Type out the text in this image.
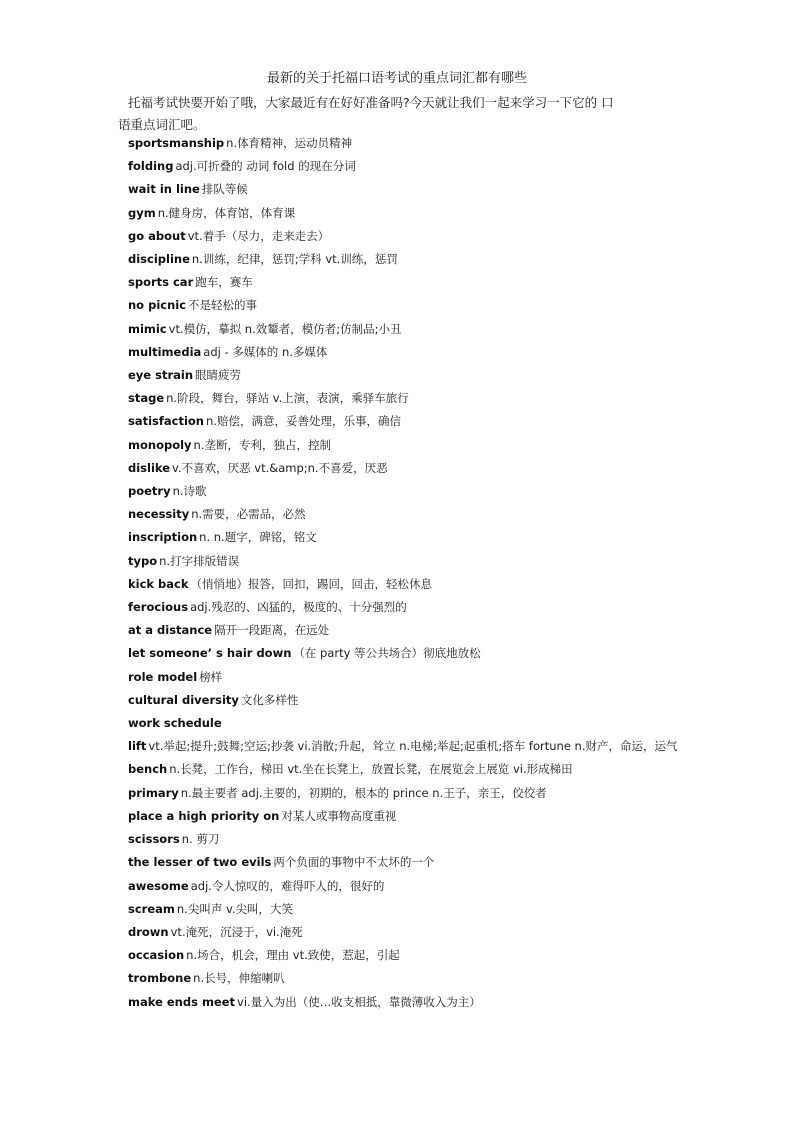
最新的关于托福口语考试的重点词汇都有哪些
托福考试快要开始了哦，大家最近有在好好准备吗?今天就让我们一起来学习一下它的 口
语重点词汇吧。
sportsmanship n.体育精神，运动员精神
folding adj.可折叠的 动词 fold 的现在分词
wait in line 排队等候
gym n.健身房，体育馆，体育课
go about vt.着手（尽力，走来走去）
discipline n.训练，纪律，惩罚;学科 vt.训练，惩罚
sports car 跑车，赛车
no picnic 不是轻松的事
mimic vt.模仿，摹拟 n.效颦者，模仿者;仿制品;小丑
multimedia adj - 多媒体的 n.多媒体
eye strain 眼睛疲劳
stage n.阶段，舞台，驿站 v.上演，表演，乘驿车旅行
satisfaction n.赔偿，满意，妥善处理，乐事，确信
monopoly n.垄断，专利，独占，控制
dislike v.不喜欢，厌恶 vt.&amp;n.不喜爱，厌恶
poetry n.诗歌
necessity n.需要，必需品，必然
inscription n. n.题字，碑铭，铭文
typo n.打字排版错误
kick back （悄悄地）报答，回扣，踢回，回击，轻松休息
ferocious adj.残忍的、凶猛的，极度的、十分强烈的
at a distance 隔开一段距离，在远处
let someone’ s hair down （在 party 等公共场合）彻底地放松
role model 榜样
cultural diversity 文化多样性
work schedule
lift vt.举起;提升;鼓舞;空运;抄袭 vi.消散;升起，耸立 n.电梯;举起;起重机;搭车 fortune n.财产，命运，运气
bench n.长凳，工作台，梯田 vt.坐在长凳上，放置长凳，在展览会上展览 vi.形成梯田
primary n.最主要者 adj.主要的，初期的，根本的 prince n.王子，亲王，佼佼者
place a high priority on 对某人或事物高度重视
scissors n. 剪刀
the lesser of two evils 两个负面的事物中不太坏的一个
awesome adj.令人惊叹的，难得吓人的，很好的
scream n.尖叫声 v.尖叫，大笑
drown vt.淹死，沉浸于，vi.淹死
occasion n.场合，机会，理由 vt.致使，惹起，引起
trombone n.长号，伸缩喇叭
make ends meet vi.量入为出（使…收支相抵，靠微薄收入为主）
